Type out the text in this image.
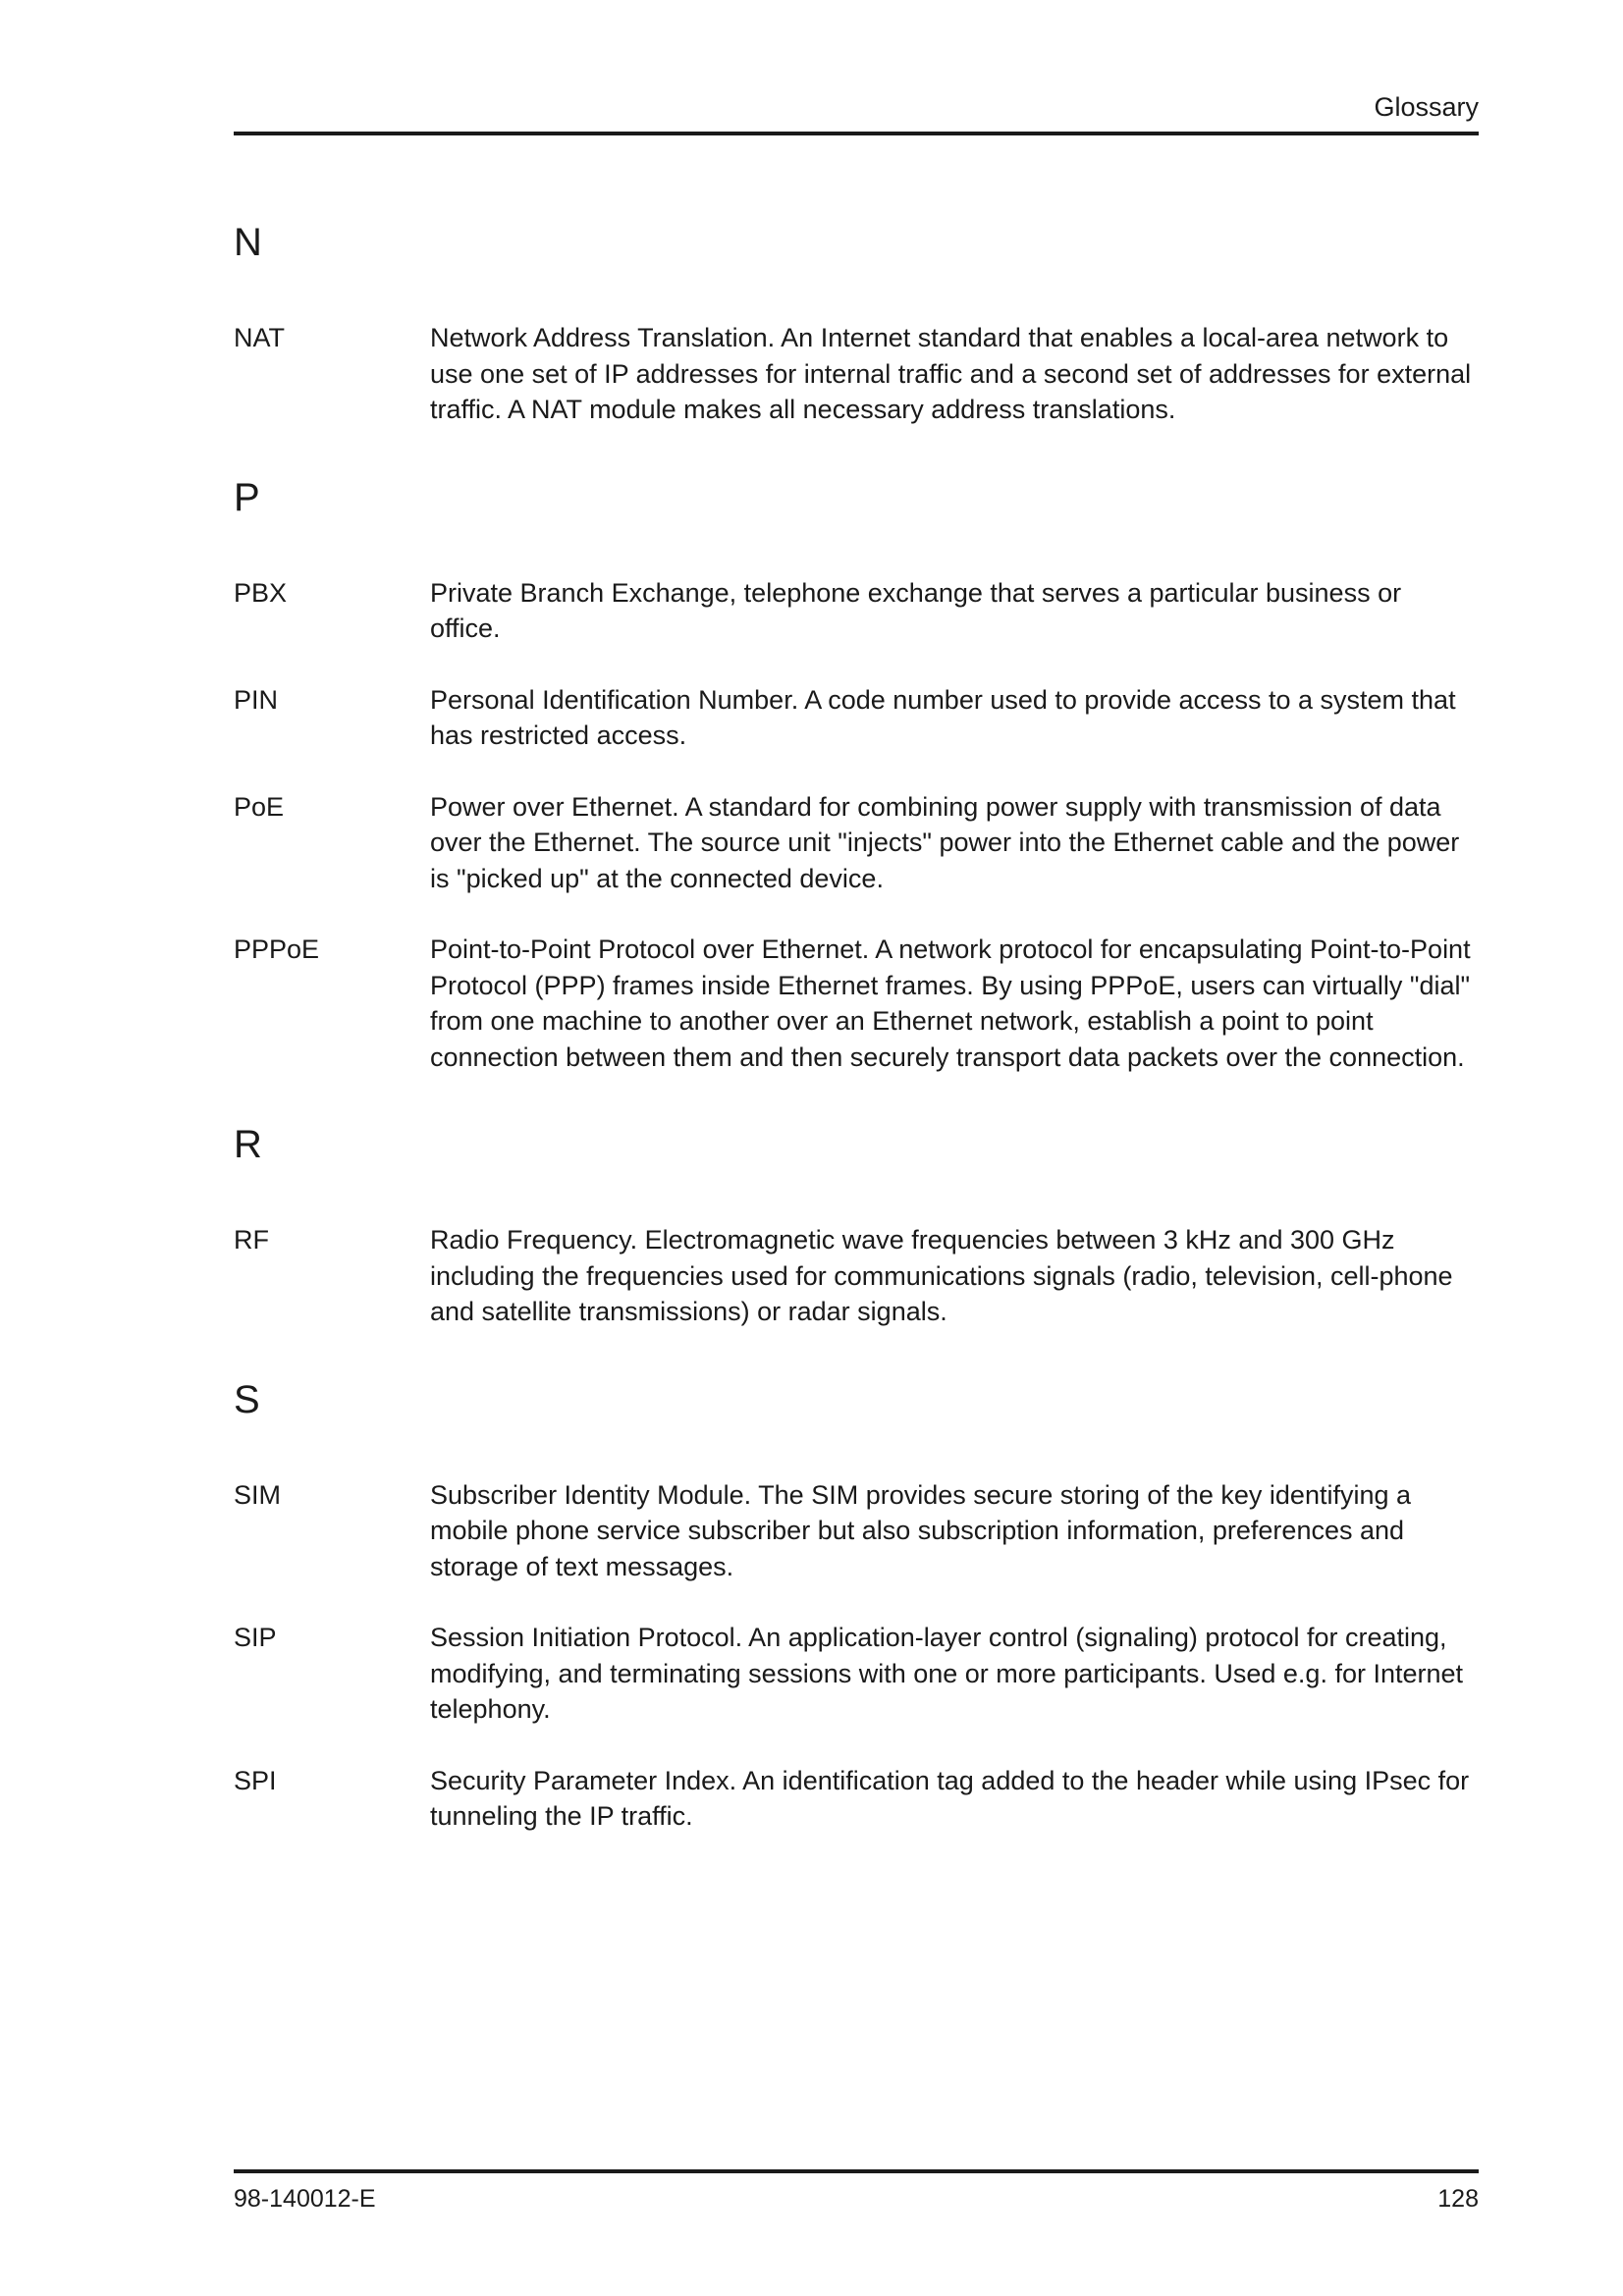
Glossary
N
NAT	Network Address Translation. An Internet standard that enables a local-area network to use one set of IP addresses for internal traffic and a second set of addresses for external traffic. A NAT module makes all necessary address translations.
P
PBX	Private Branch Exchange, telephone exchange that serves a particular business or office.
PIN	Personal Identification Number. A code number used to provide access to a system that has restricted access.
PoE	Power over Ethernet. A standard for combining power supply with transmission of data over the Ethernet. The source unit "injects" power into the Ethernet cable and the power is "picked up" at the connected device.
PPPoE	Point-to-Point Protocol over Ethernet. A network protocol for encapsulating Point-to-Point Protocol (PPP) frames inside Ethernet frames. By using PPPoE, users can virtually "dial" from one machine to another over an Ethernet network, establish a point to point connection between them and then securely transport data packets over the connection.
R
RF	Radio Frequency. Electromagnetic wave frequencies between 3 kHz and 300 GHz including the frequencies used for communications signals (radio, television, cell-phone and satellite transmissions) or radar signals.
S
SIM	Subscriber Identity Module. The SIM provides secure storing of the key identifying a mobile phone service subscriber but also subscription information, preferences and storage of text messages.
SIP	Session Initiation Protocol. An application-layer control (signaling) protocol for creating, modifying, and terminating sessions with one or more participants. Used e.g. for Internet telephony.
SPI	Security Parameter Index. An identification tag added to the header while using IPsec for tunneling the IP traffic.
98-140012-E	128
